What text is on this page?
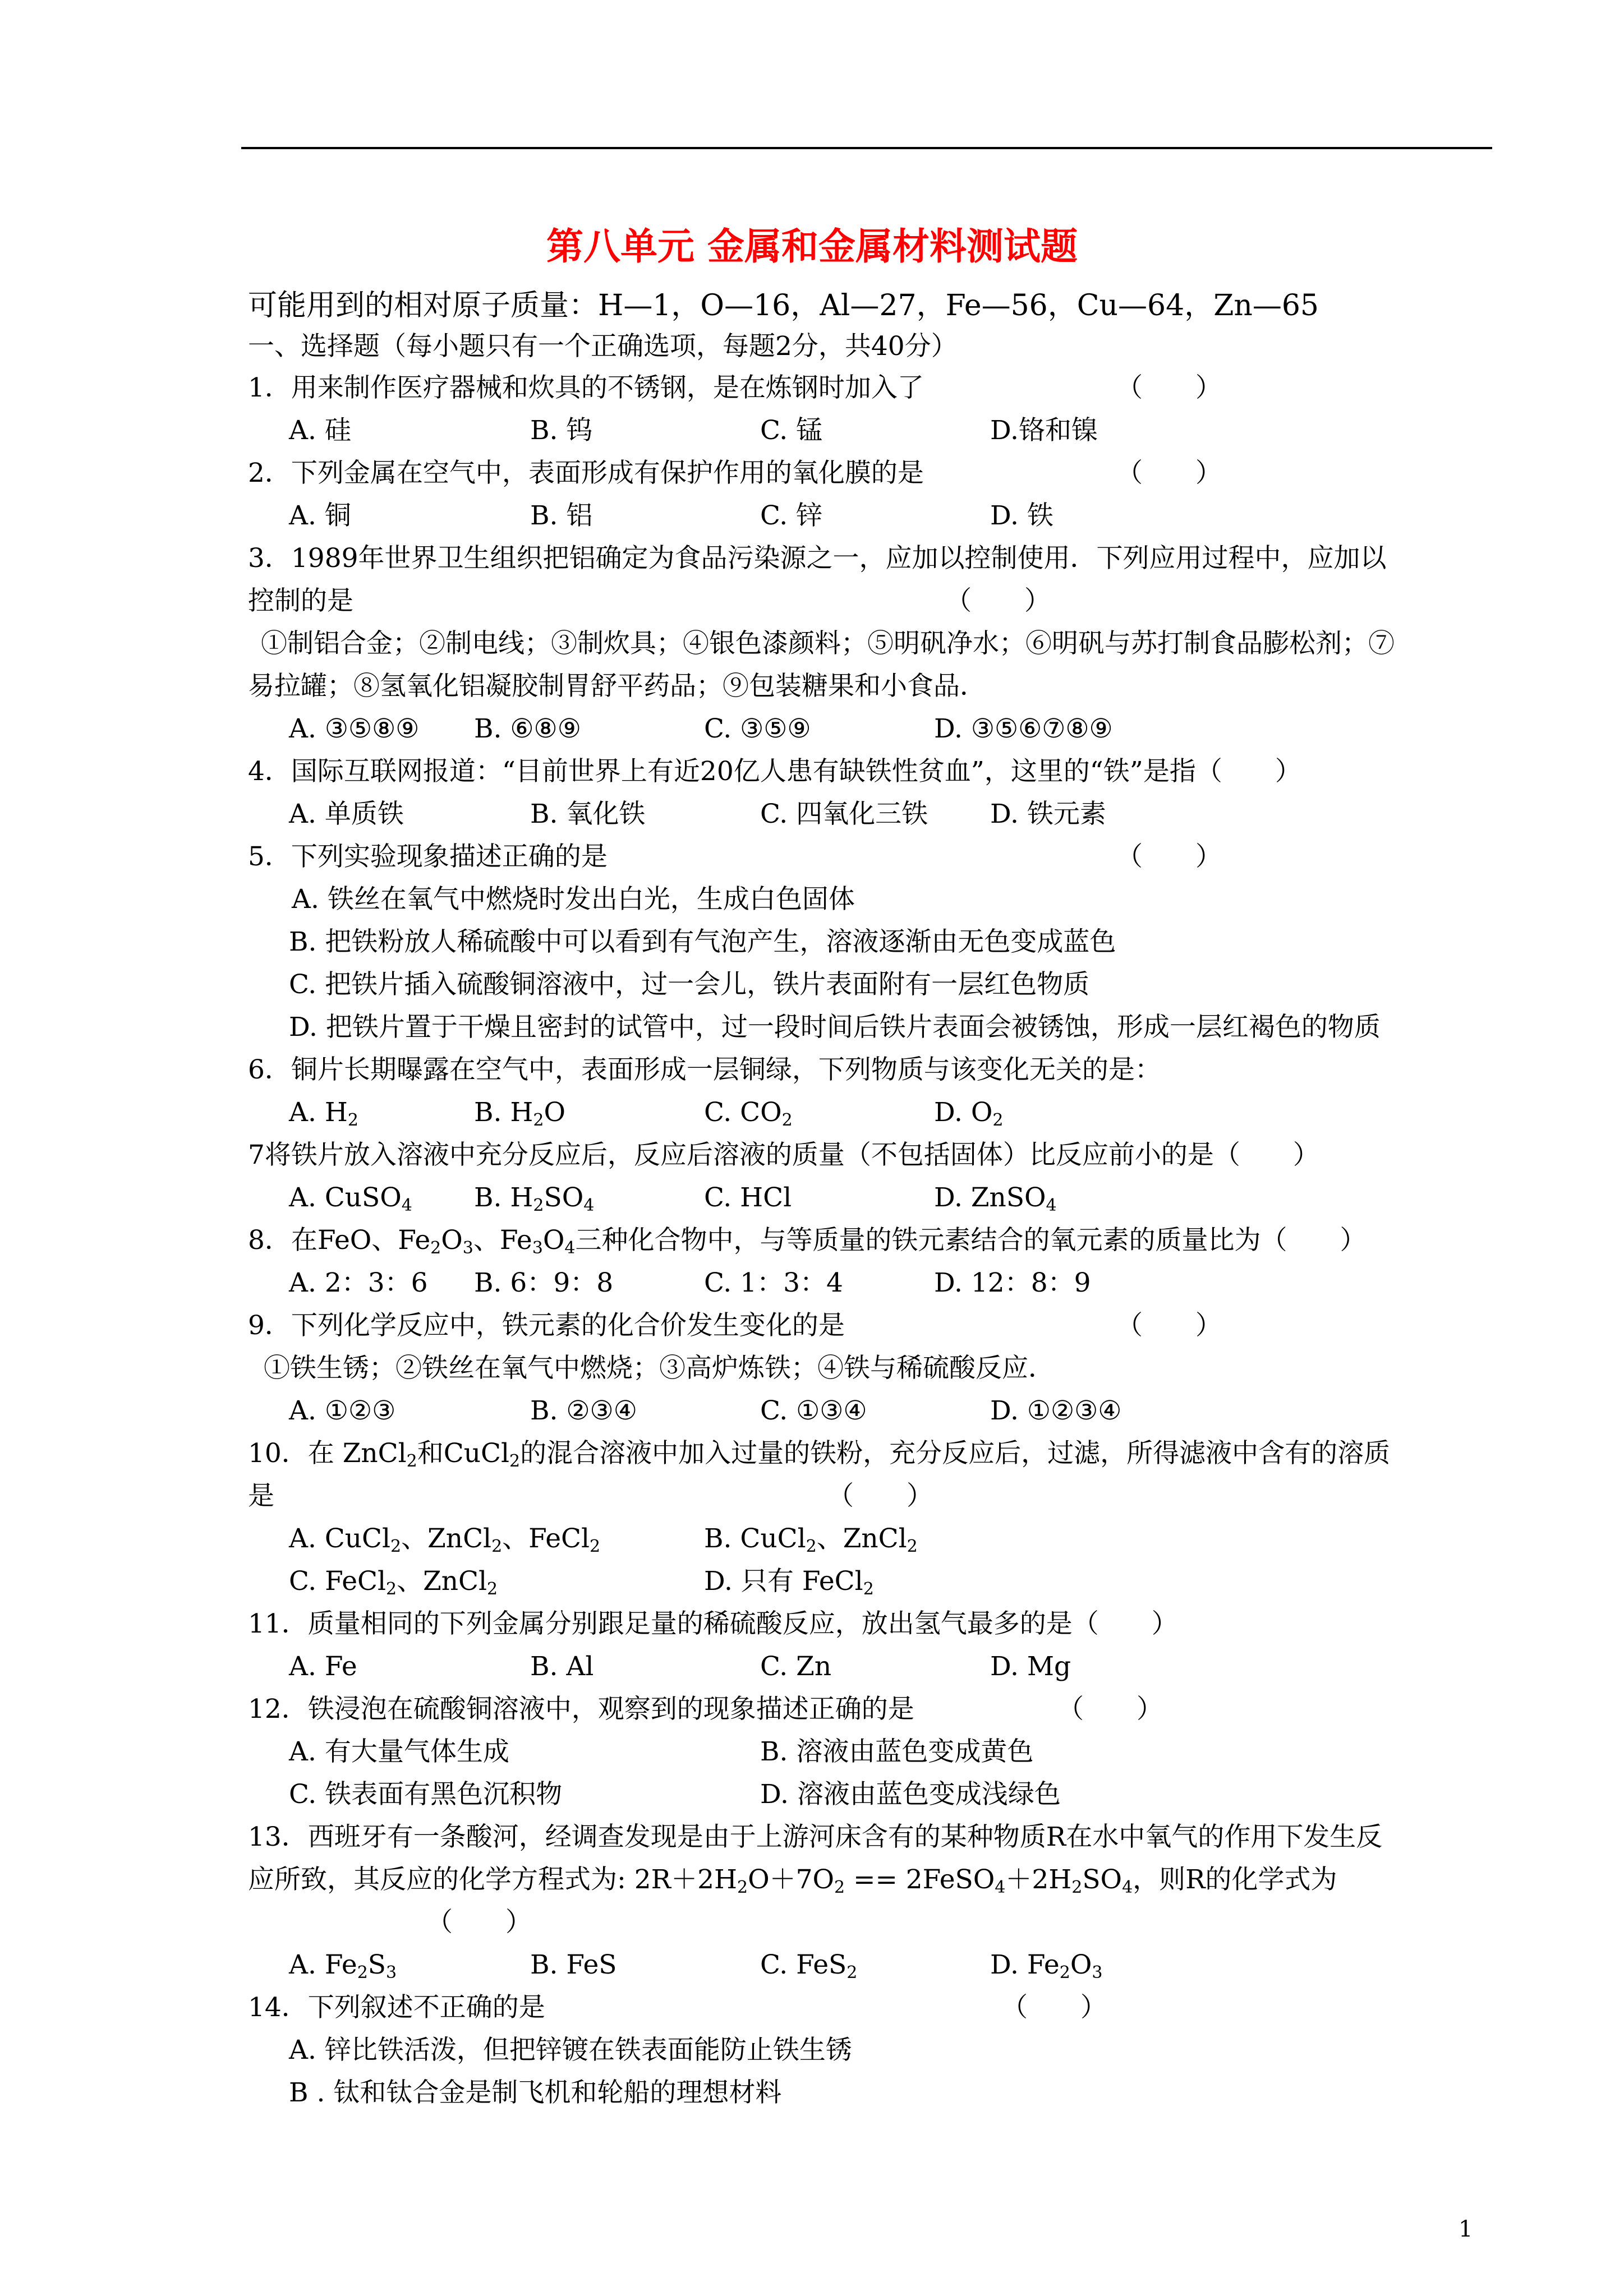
第八单元 金属和金属材料测试题
可能用到的相对原子质量：H—1，O—16，Al—27，Fe—56，Cu—64，Zn—65
一、选择题（每小题只有一个正确选项，每题2分，共40分）
1．用来制作医疗器械和炊具的不锈钢，是在炼钢时加入了	（　　）
A. 硅	B. 钨	C. 锰	D.铬和镍
2．下列金属在空气中，表面形成有保护作用的氧化膜的是	（　　）
A. 铜	B. 铝	C. 锌	D. 铁
3．1989年世界卫生组织把铝确定为食品污染源之一，应加以控制使用．下列应用过程中，应加以
控制的是	（　　）
①制铝合金；②制电线；③制炊具；④银色漆颜料；⑤明矾净水；⑥明矾与苏打制食品膨松剂；⑦
易拉罐；⑧氢氧化铝凝胶制胃舒平药品；⑨包装糖果和小食品．
A. ③⑤⑧⑨ B. ⑥⑧⑨	C. ③⑤⑨	D. ③⑤⑥⑦⑧⑨
4．国际互联网报道：“目前世界上有近20亿人患有缺铁性贫血”，这里的“铁”是指（　　）
A. 单质铁	B. 氧化铁	C. 四氧化三铁 D. 铁元素
5．下列实验现象描述正确的是	（　　）
A. 铁丝在氧气中燃烧时发出白光，生成白色固体
B. 把铁粉放人稀硫酸中可以看到有气泡产生，溶液逐渐由无色变成蓝色
C. 把铁片插入硫酸铜溶液中，过一会儿，铁片表面附有一层红色物质
D. 把铁片置于干燥且密封的试管中，过一段时间后铁片表面会被锈蚀，形成一层红褐色的物质
6．铜片长期曝露在空气中，表面形成一层铜绿，下列物质与该变化无关的是：
A. $H_2$	B. $H_2O$	C. $CO_2$	D. $O_2$
7将铁片放入溶液中充分反应后，反应后溶液的质量（不包括固体）比反应前小的是（　　）
A. CuSO$_4$ B. $H_2SO_4$	C. HCl	D. ZnSO$_4$
8．在FeO、$Fe_2O_3$、$Fe_3O_4$三种化合物中，与等质量的铁元素结合的氧元素的质量比为（　　）
A. 2：3：6 B. 6：9：8	C. 1：3：4	D. 12：8：9
9．下列化学反应中，铁元素的化合价发生变化的是	（　　）
①铁生锈；②铁丝在氧气中燃烧；③高炉炼铁；④铁与稀硫酸反应．
A. ①②③	B. ②③④	C. ①③④	D. ①②③④
10．在 ZnCl$_2$和CuCl$_2$的混合溶液中加入过量的铁粉，充分反应后，过滤，所得滤液中含有的溶质
是	（　　）
A. CuCl$_2$、ZnCl$_2$、FeCl$_2$	B. CuCl$_2$、ZnCl$_2$
C. FeCl$_2$、ZnCl$_2$	D. 只有 FeCl$_2$
11．质量相同的下列金属分别跟足量的稀硫酸反应，放出氢气最多的是（　　）
A. Fe	B. Al	C. Zn	D. Mg
12．铁浸泡在硫酸铜溶液中，观察到的现象描述正确的是	（　　）
A. 有大量气体生成	B. 溶液由蓝色变成黄色
C. 铁表面有黑色沉积物	D. 溶液由蓝色变成浅绿色
13．西班牙有一条酸河，经调查发现是由于上游河床含有的某种物质R在水中氧气的作用下发生反
应所致，其反应的化学方程式为: $2R+2H_2O+7O_2$ == $2FeSO_4+2H_2SO_4$，则R的化学式为
（　　）
A. $Fe_2S_3$	B. FeS	C. FeS$_2$	D. $Fe_2O_3$
14．下列叙述不正确的是	（　　）
A. 锌比铁活泼，但把锌镀在铁表面能防止铁生锈
B . 钛和钛合金是制飞机和轮船的理想材料
1
